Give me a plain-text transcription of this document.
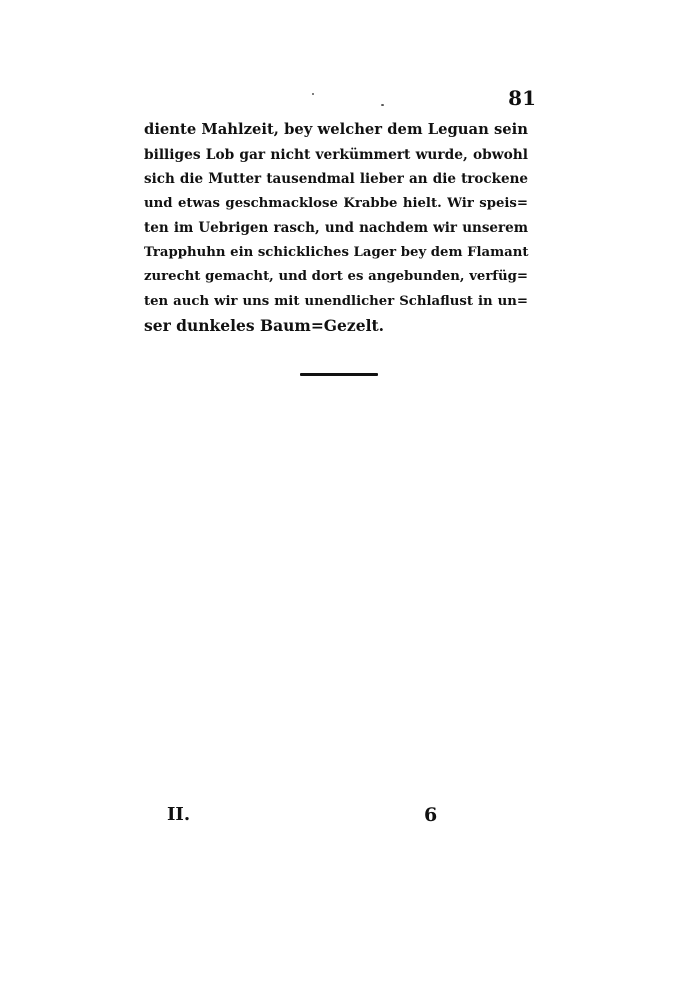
81

diente Mahlzeit, bey welcher dem Leguan sein
billiges Lob gar nicht verkümmert wurde, obwohl
sich die Mutter tausendmal lieber an die trockene
und etwas geschmacklose Krabbe hielt. Wir speis=
ten im Uebrigen rasch, und nachdem wir unserem
Trapphuhn ein schickliches Lager bey dem Flamant
zurecht gemacht, und dort es angebunden, verfüg=
ten auch wir uns mit unendlicher Schlaflust in un=
ser dunkeles Baum=Gezelt.

II.	6
